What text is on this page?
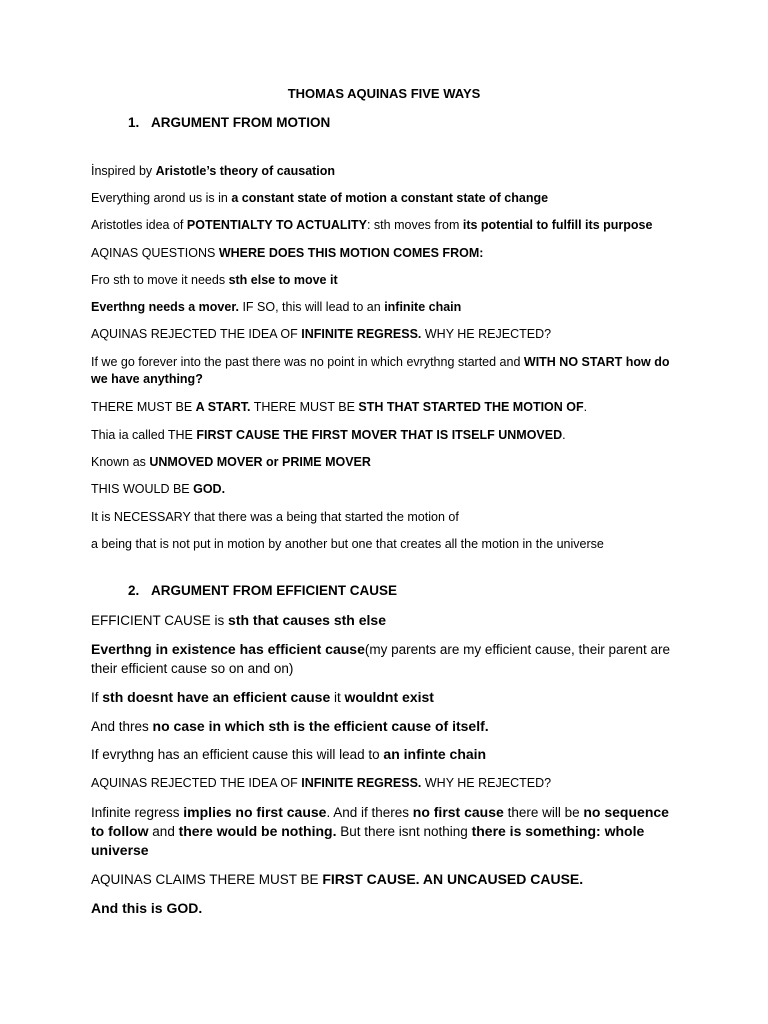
THOMAS AQUINAS FIVE WAYS
1. ARGUMENT FROM MOTION
İnspired by Aristotle’s theory of causation
Everything arond us is in a constant state of motion a constant state of change
Aristotles idea of POTENTIALTY TO ACTUALITY: sth moves from its potential to fulfill its purpose
AQINAS QUESTIONS WHERE DOES THIS MOTION COMES FROM:
Fro sth to move it needs sth else to move it
Everthng needs a mover. IF SO, this will lead to an infinite chain
AQUINAS REJECTED THE IDEA OF INFINITE REGRESS. WHY HE REJECTED?
If we go forever into the past there was no point in which evrythng started and WITH NO START how do we have anything?
THERE MUST BE A START. THERE MUST BE STH THAT STARTED THE MOTION OF.
Thia ia called THE FIRST CAUSE THE FIRST MOVER THAT IS ITSELF UNMOVED.
Known as UNMOVED MOVER or PRIME MOVER
THIS WOULD BE GOD.
It is NECESSARY that there was a being that started the motion of
a being that is not put in motion by another but one that creates all the motion in the universe
2. ARGUMENT FROM EFFICIENT CAUSE
EFFICIENT CAUSE is sth that causes sth else
Everthng in existence has efficient cause(my parents are my efficient cause, their parent are their efficient cause so on and on)
If sth doesnt have an efficient cause it wouldnt exist
And thres no case in which sth is the efficient cause of itself.
If evrythng has an efficient cause this will lead to an infinte chain
AQUINAS REJECTED THE IDEA OF INFINITE REGRESS. WHY HE REJECTED?
Infinite regress implies no first cause. And if theres no first cause there will be no sequence to follow and there would be nothing. But there isnt nothing there is something: whole universe
AQUINAS CLAIMS THERE MUST BE FIRST CAUSE. AN UNCAUSED CAUSE.
And this is GOD.
